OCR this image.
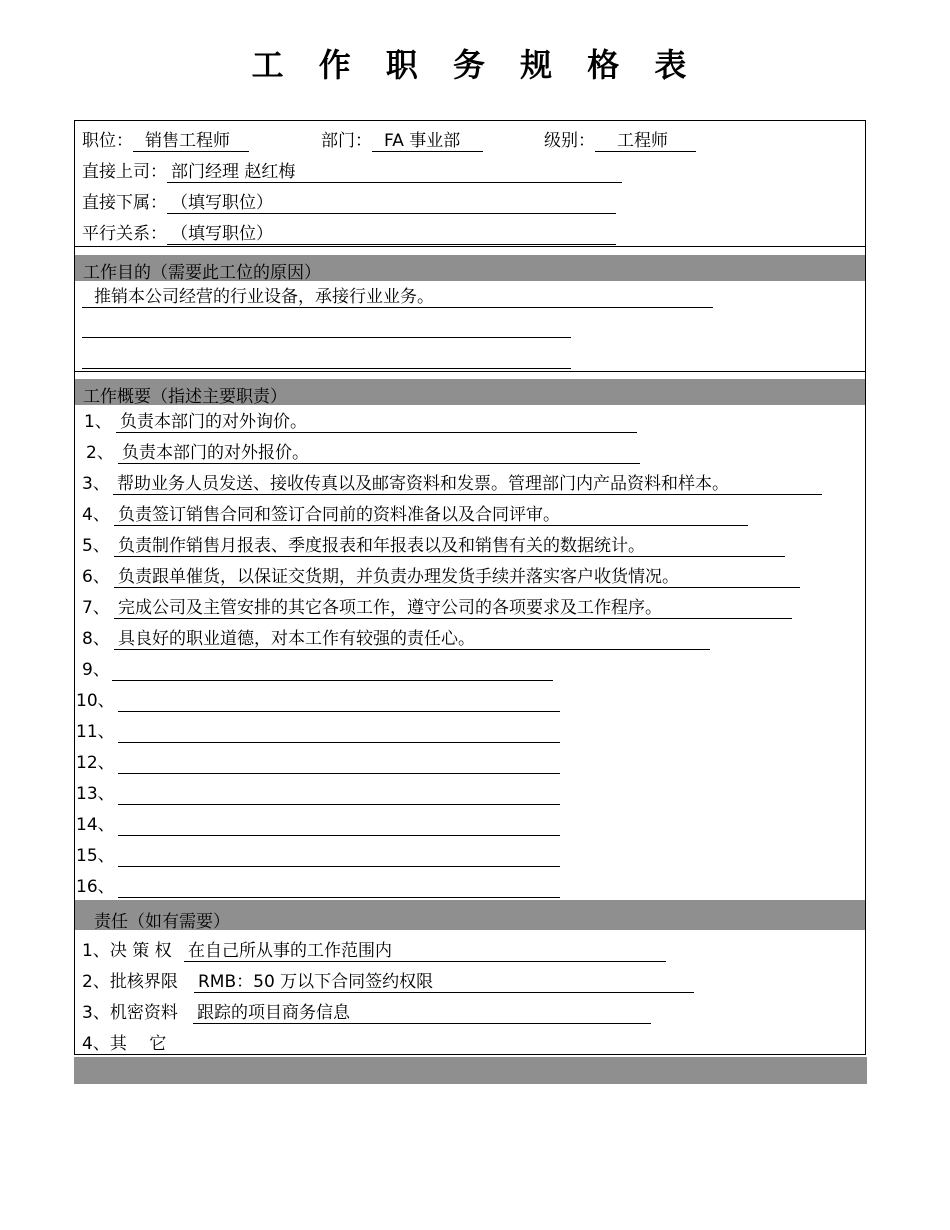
工 作 职 务 规 格 表
职位： 销售工程师	部门： FA 事业部	级别： 工程师
直接上司： 部门经理 赵红梅
直接下属： （填写职位）
平行关系： （填写职位）
工作目的（需要此工位的原因）
推销本公司经营的行业设备，承接行业业务。
工作概要（指述主要职责）
1、 负责本部门的对外询价。
2、 负责本部门的对外报价。
3、 帮助业务人员发送、接收传真以及邮寄资料和发票。管理部门内产品资料和样本。
4、 负责签订销售合同和签订合同前的资料准备以及合同评审。
5、 负责制作销售月报表、季度报表和年报表以及和销售有关的数据统计。
6、 负责跟单催货，以保证交货期，并负责办理发货手续并落实客户收货情况。
7、 完成公司及主管安排的其它各项工作，遵守公司的各项要求及工作程序。
8、 具良好的职业道德，对本工作有较强的责任心。
9、
10、
11、
12、
13、
14、
15、
16、
责任（如有需要）
1、决 策 权 在自己所从事的工作范围内
2、批核界限 RMB：50 万以下合同签约权限
3、机密资料 跟踪的项目商务信息
4、其　 它
